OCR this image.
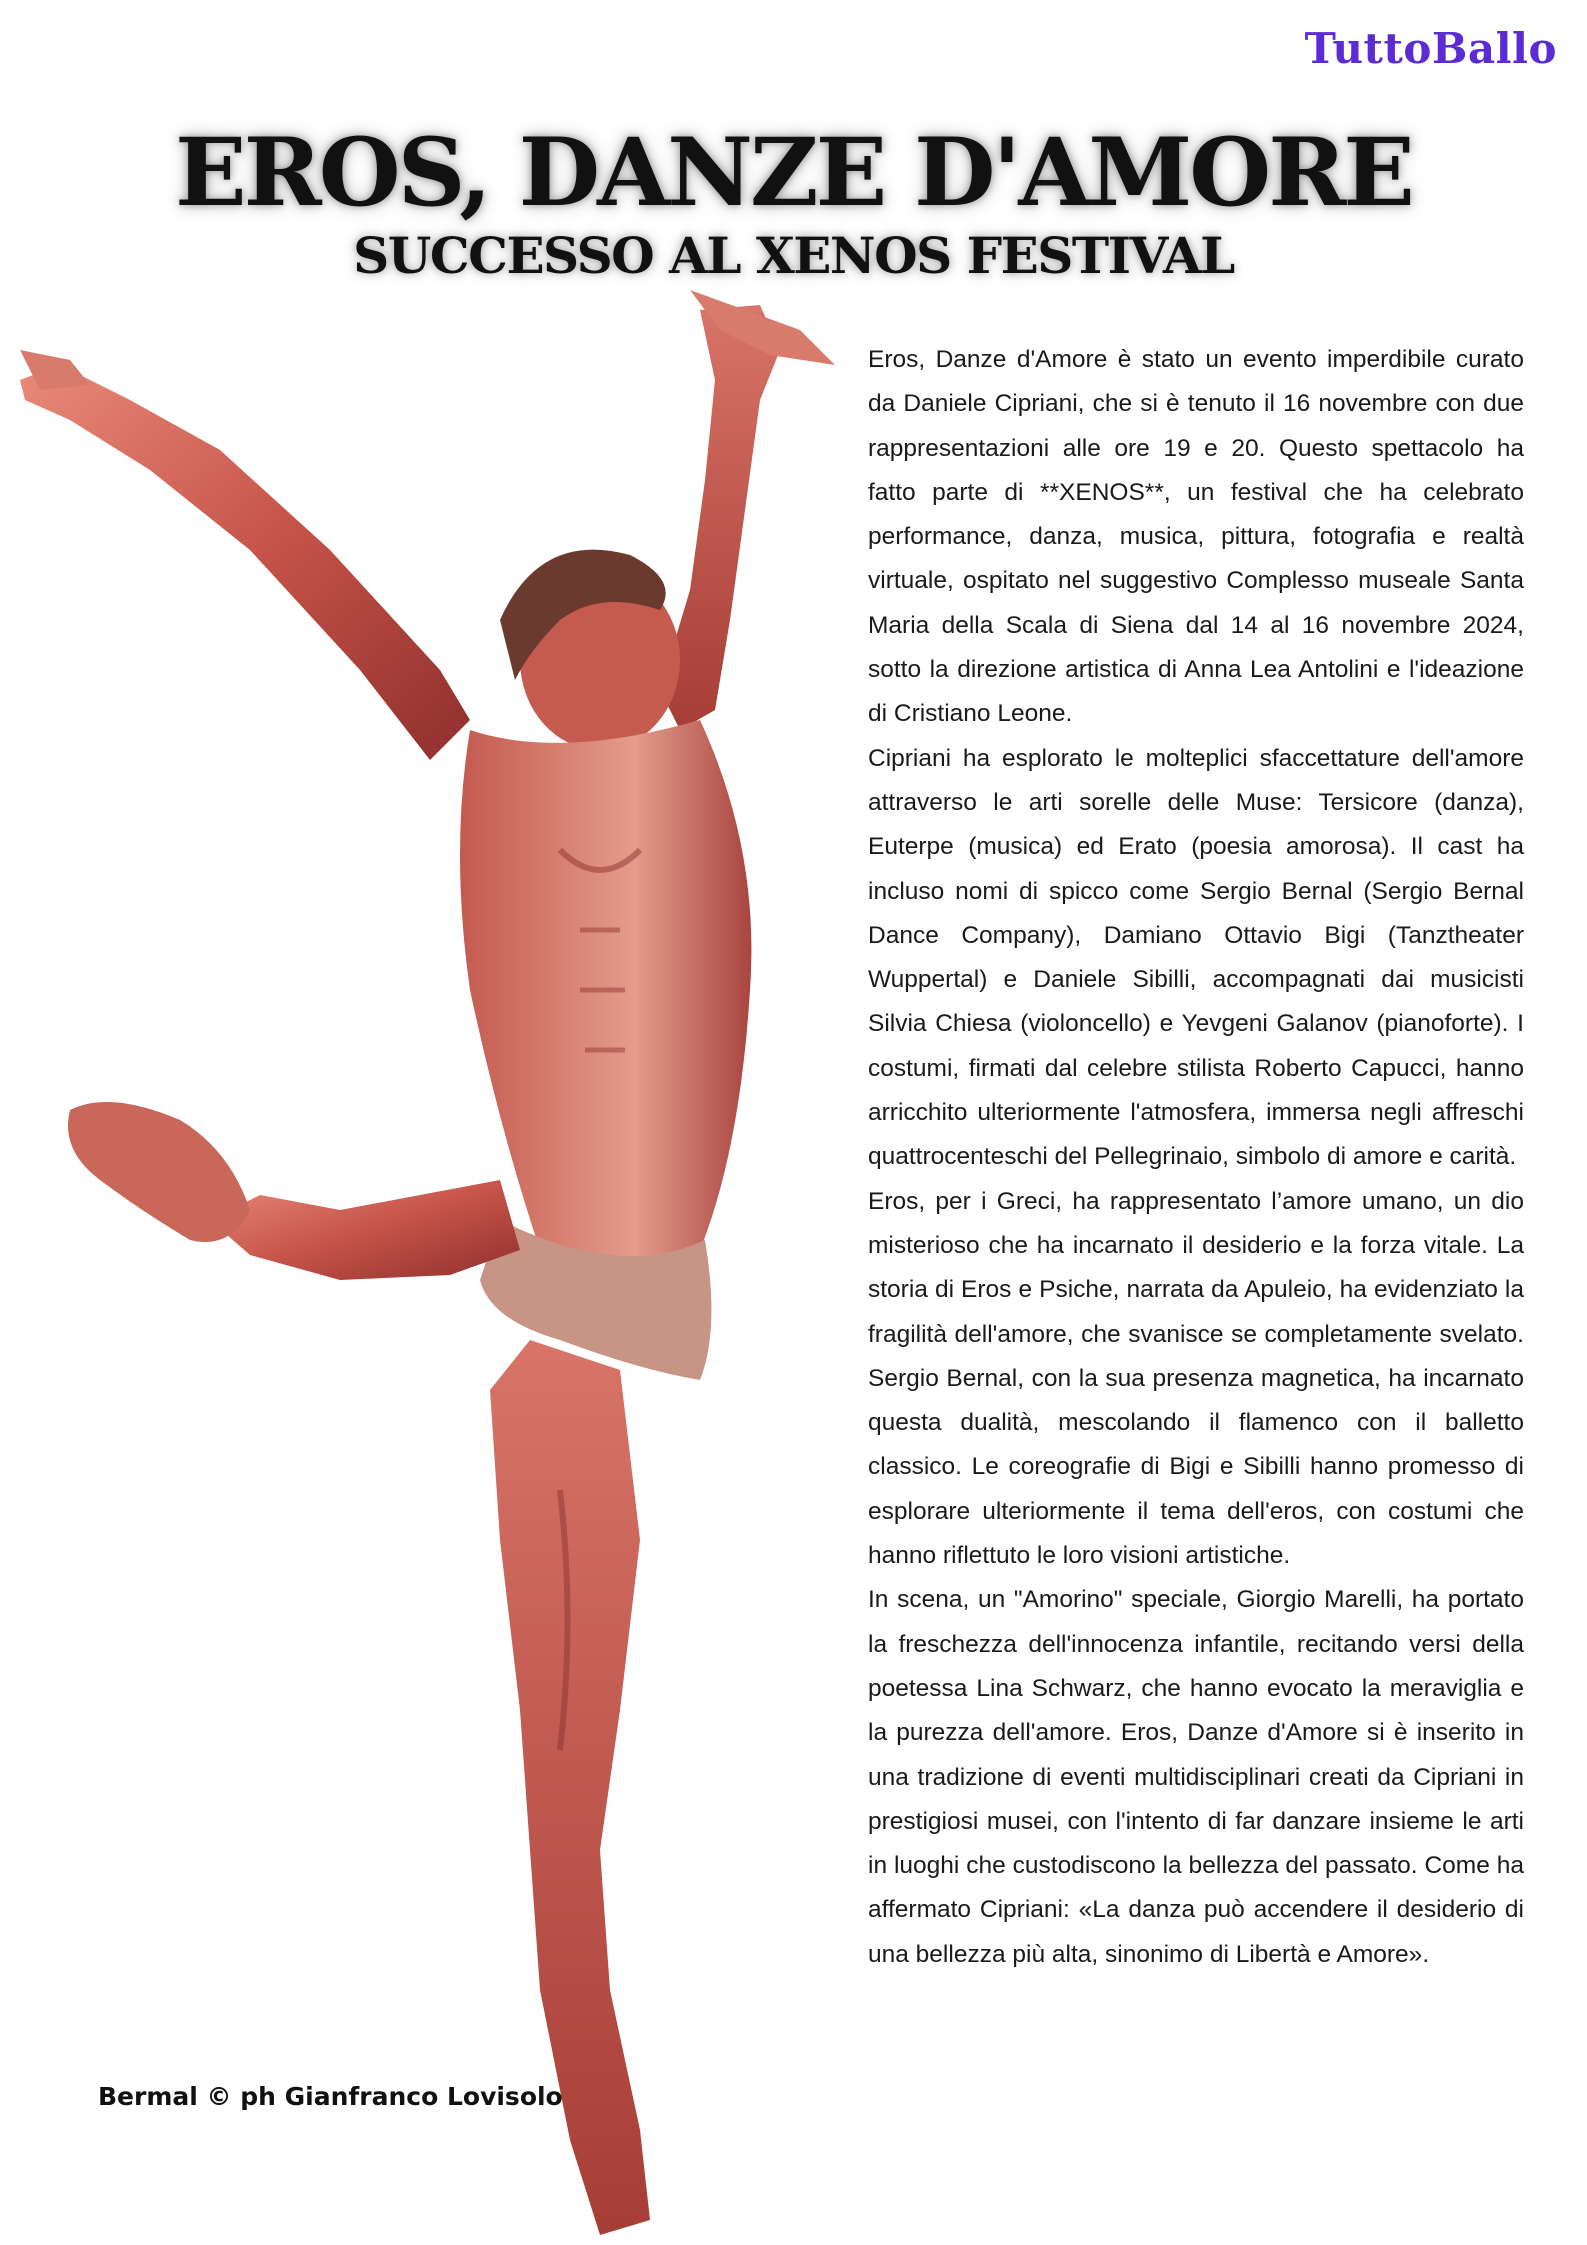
TuttoBallo
EROS, DANZE D'AMORE
SUCCESSO AL XENOS FESTIVAL
Bermal © ph Gianfranco Lovisolo

Eros, Danze d'Amore è stato un evento imperdibile curato da Daniele Cipriani, che si è tenuto il 16 novembre con due rappresentazioni alle ore 19 e 20. Questo spettacolo ha fatto parte di **XENOS**, un festival che ha celebrato performance, danza, musica, pittura, fotografia e realtà virtuale, ospitato nel suggestivo Complesso museale Santa Maria della Scala di Siena dal 14 al 16 novembre 2024, sotto la direzione artistica di Anna Lea Antolini e l'ideazione di Cristiano Leone.

Cipriani ha esplorato le molteplici sfaccettature dell'amore attraverso le arti sorelle delle Muse: Tersicore (danza), Euterpe (musica) ed Erato (poesia amorosa). Il cast ha incluso nomi di spicco come Sergio Bernal (Sergio Bernal Dance Company), Damiano Ottavio Bigi (Tanztheater Wuppertal) e Daniele Sibilli, accompagnati dai musicisti Silvia Chiesa (violoncello) e Yevgeni Galanov (pianoforte). I costumi, firmati dal celebre stilista Roberto Capucci, hanno arricchito ulteriormente l'atmosfera, immersa negli affreschi quattrocenteschi del Pellegrinaio, simbolo di amore e carità.

Eros, per i Greci, ha rappresentato l’amore umano, un dio misterioso che ha incarnato il desiderio e la forza vitale. La storia di Eros e Psiche, narrata da Apuleio, ha evidenziato la fragilità dell'amore, che svanisce se completamente svelato. Sergio Bernal, con la sua presenza magnetica, ha incarnato questa dualità, mescolando il flamenco con il balletto classico. Le coreografie di Bigi e Sibilli hanno promesso di esplorare ulteriormente il tema dell'eros, con costumi che hanno riflettuto le loro visioni artistiche.

In scena, un "Amorino" speciale, Giorgio Marelli, ha portato la freschezza dell'innocenza infantile, recitando versi della poetessa Lina Schwarz, che hanno evocato la meraviglia e la purezza dell'amore. Eros, Danze d'Amore si è inserito in una tradizione di eventi multidisciplinari creati da Cipriani in prestigiosi musei, con l'intento di far danzare insieme le arti in luoghi che custodiscono la bellezza del passato. Come ha affermato Cipriani: «La danza può accendere il desiderio di una bellezza più alta, sinonimo di Libertà e Amore».
